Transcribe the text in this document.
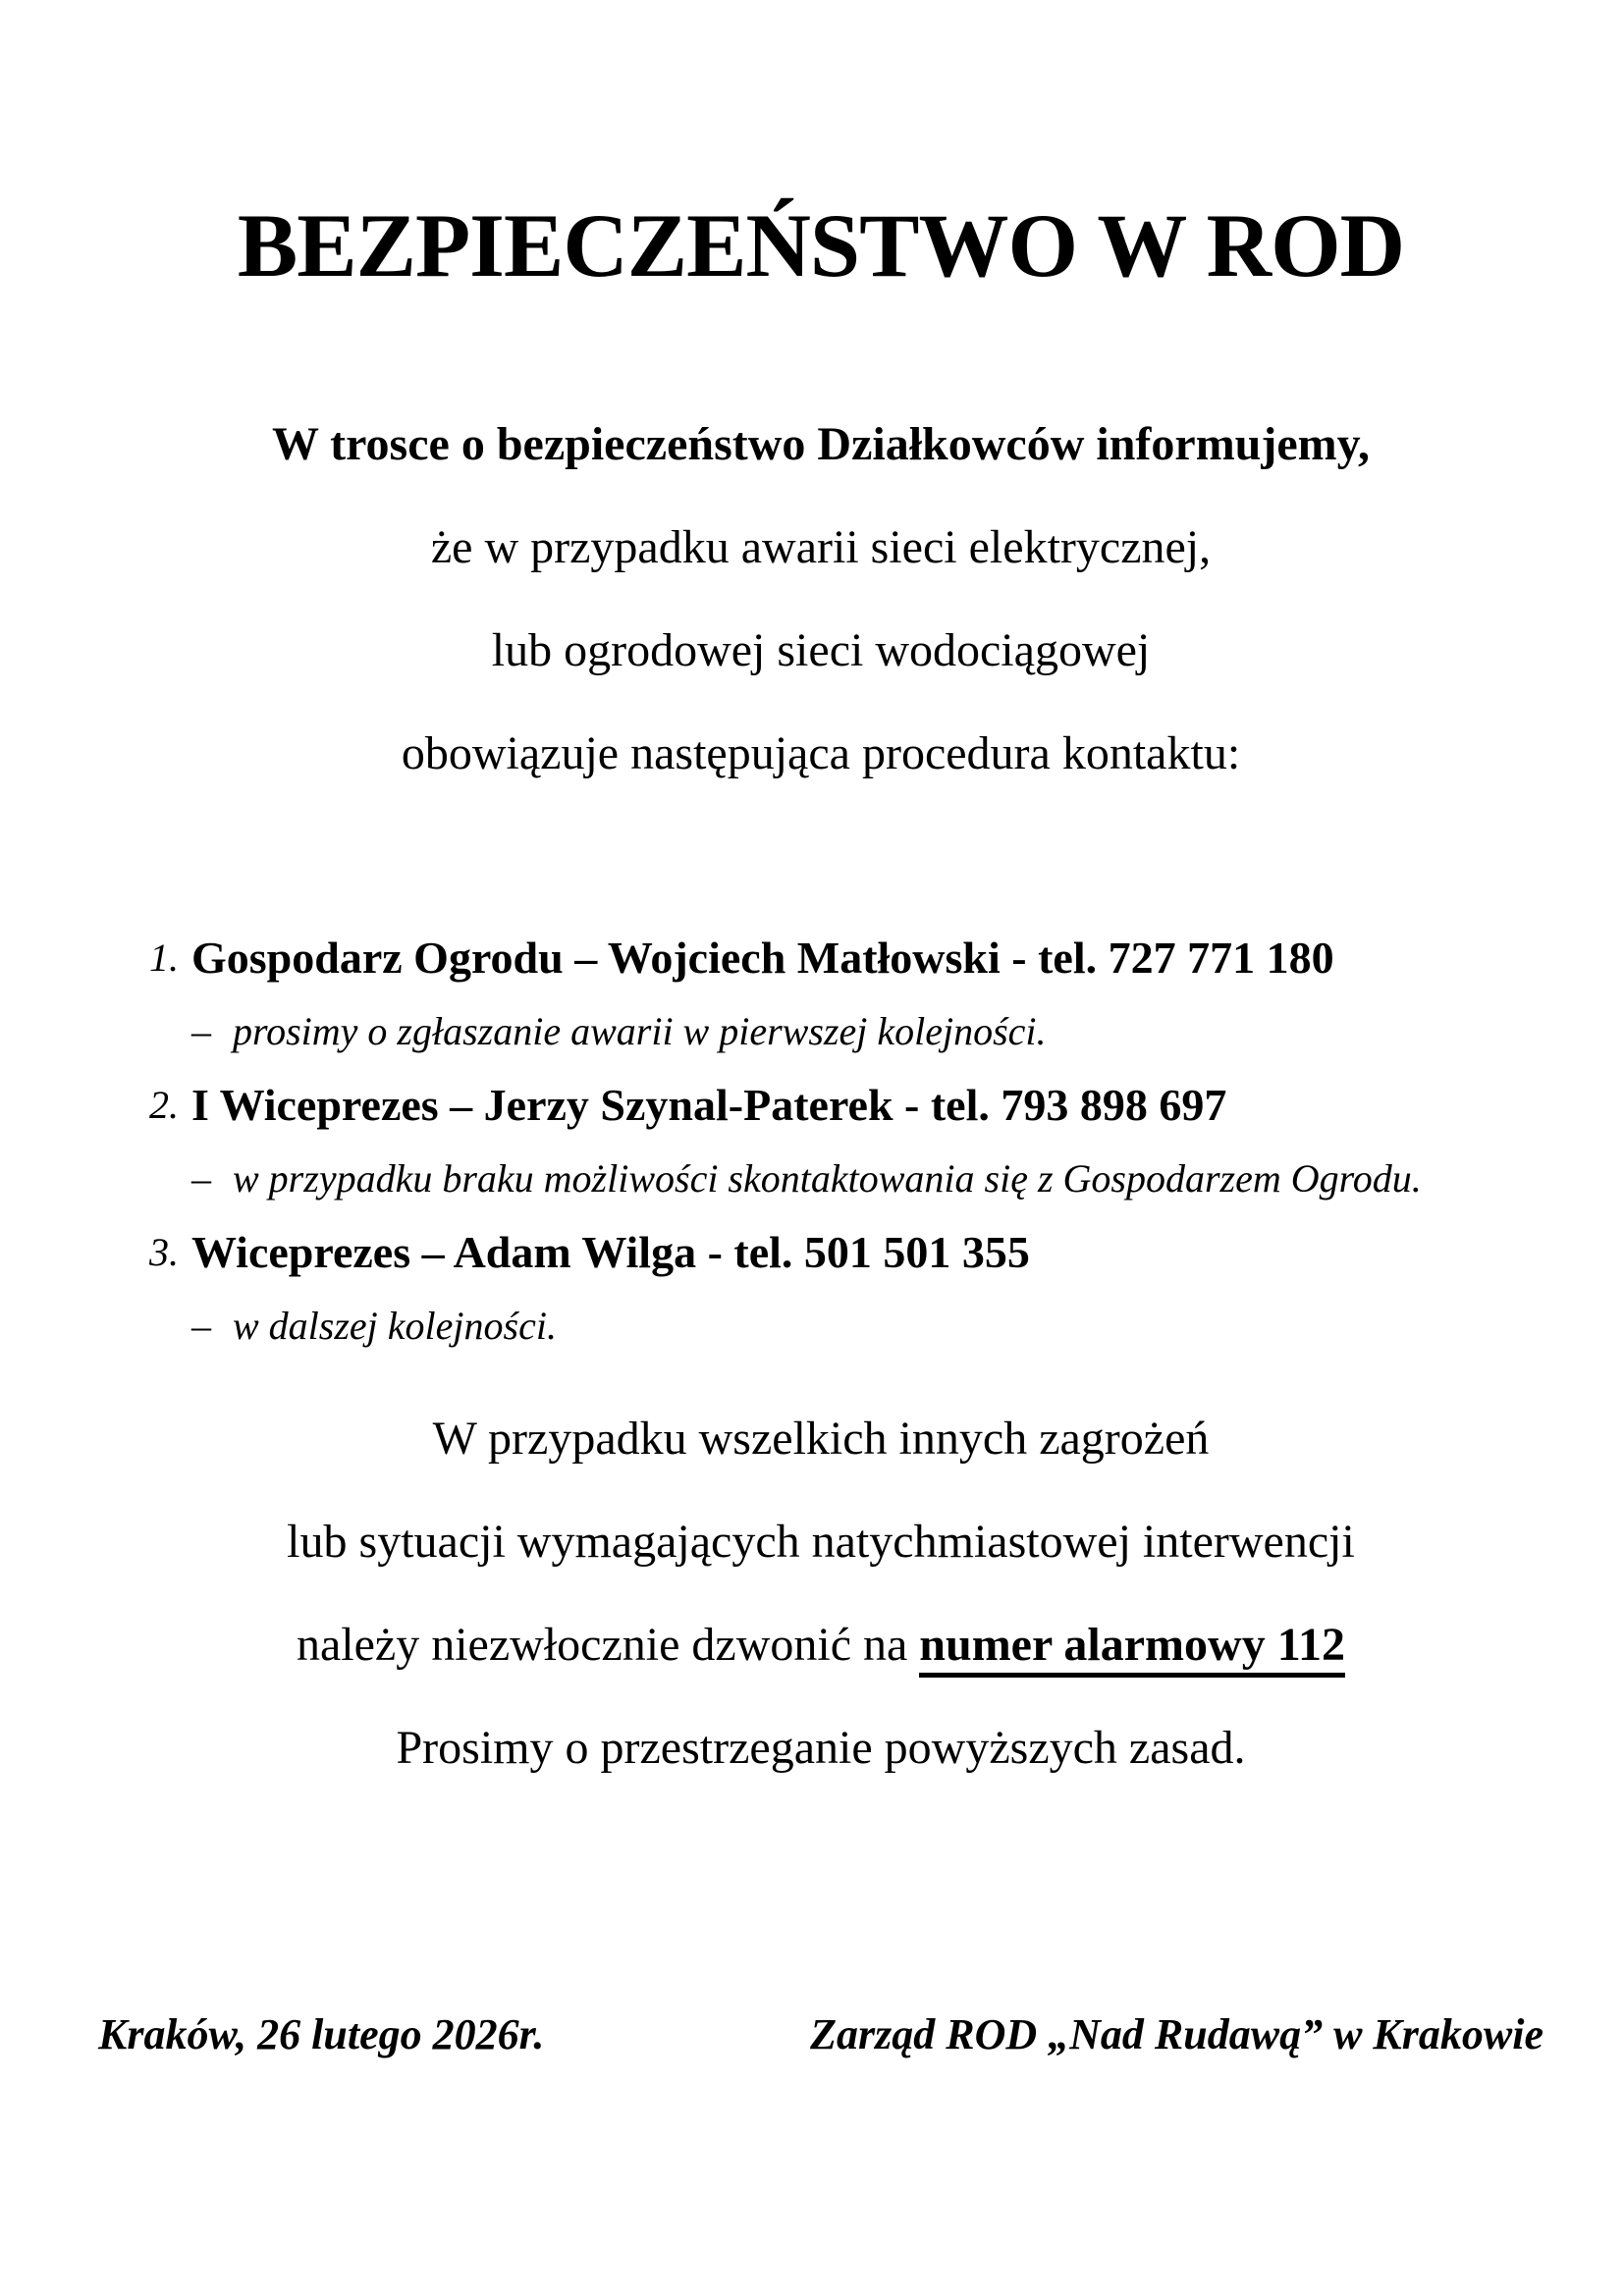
BEZPIECZEŃSTWO W ROD
W trosce o bezpieczeństwo Działkowców informujemy,
że w przypadku awarii sieci elektrycznej,
lub ogrodowej sieci wodociągowej
obowiązuje następująca procedura kontaktu:
1. Gospodarz Ogrodu – Wojciech Matłowski - tel. 727 771 180
– prosimy o zgłaszanie awarii w pierwszej kolejności.
2. I Wiceprezes – Jerzy Szynal-Paterek - tel. 793 898 697
– w przypadku braku możliwości skontaktowania się z Gospodarzem Ogrodu.
3. Wiceprezes – Adam Wilga - tel. 501 501 355
– w dalszej kolejności.
W przypadku wszelkich innych zagrożeń
lub sytuacji wymagających natychmiastowej interwencji
należy niezwłocznie dzwonić na numer alarmowy 112
Prosimy o przestrzeganie powyższych zasad.
Kraków, 26 lutego 2026r.	Zarząd ROD „Nad Rudawą” w Krakowie
